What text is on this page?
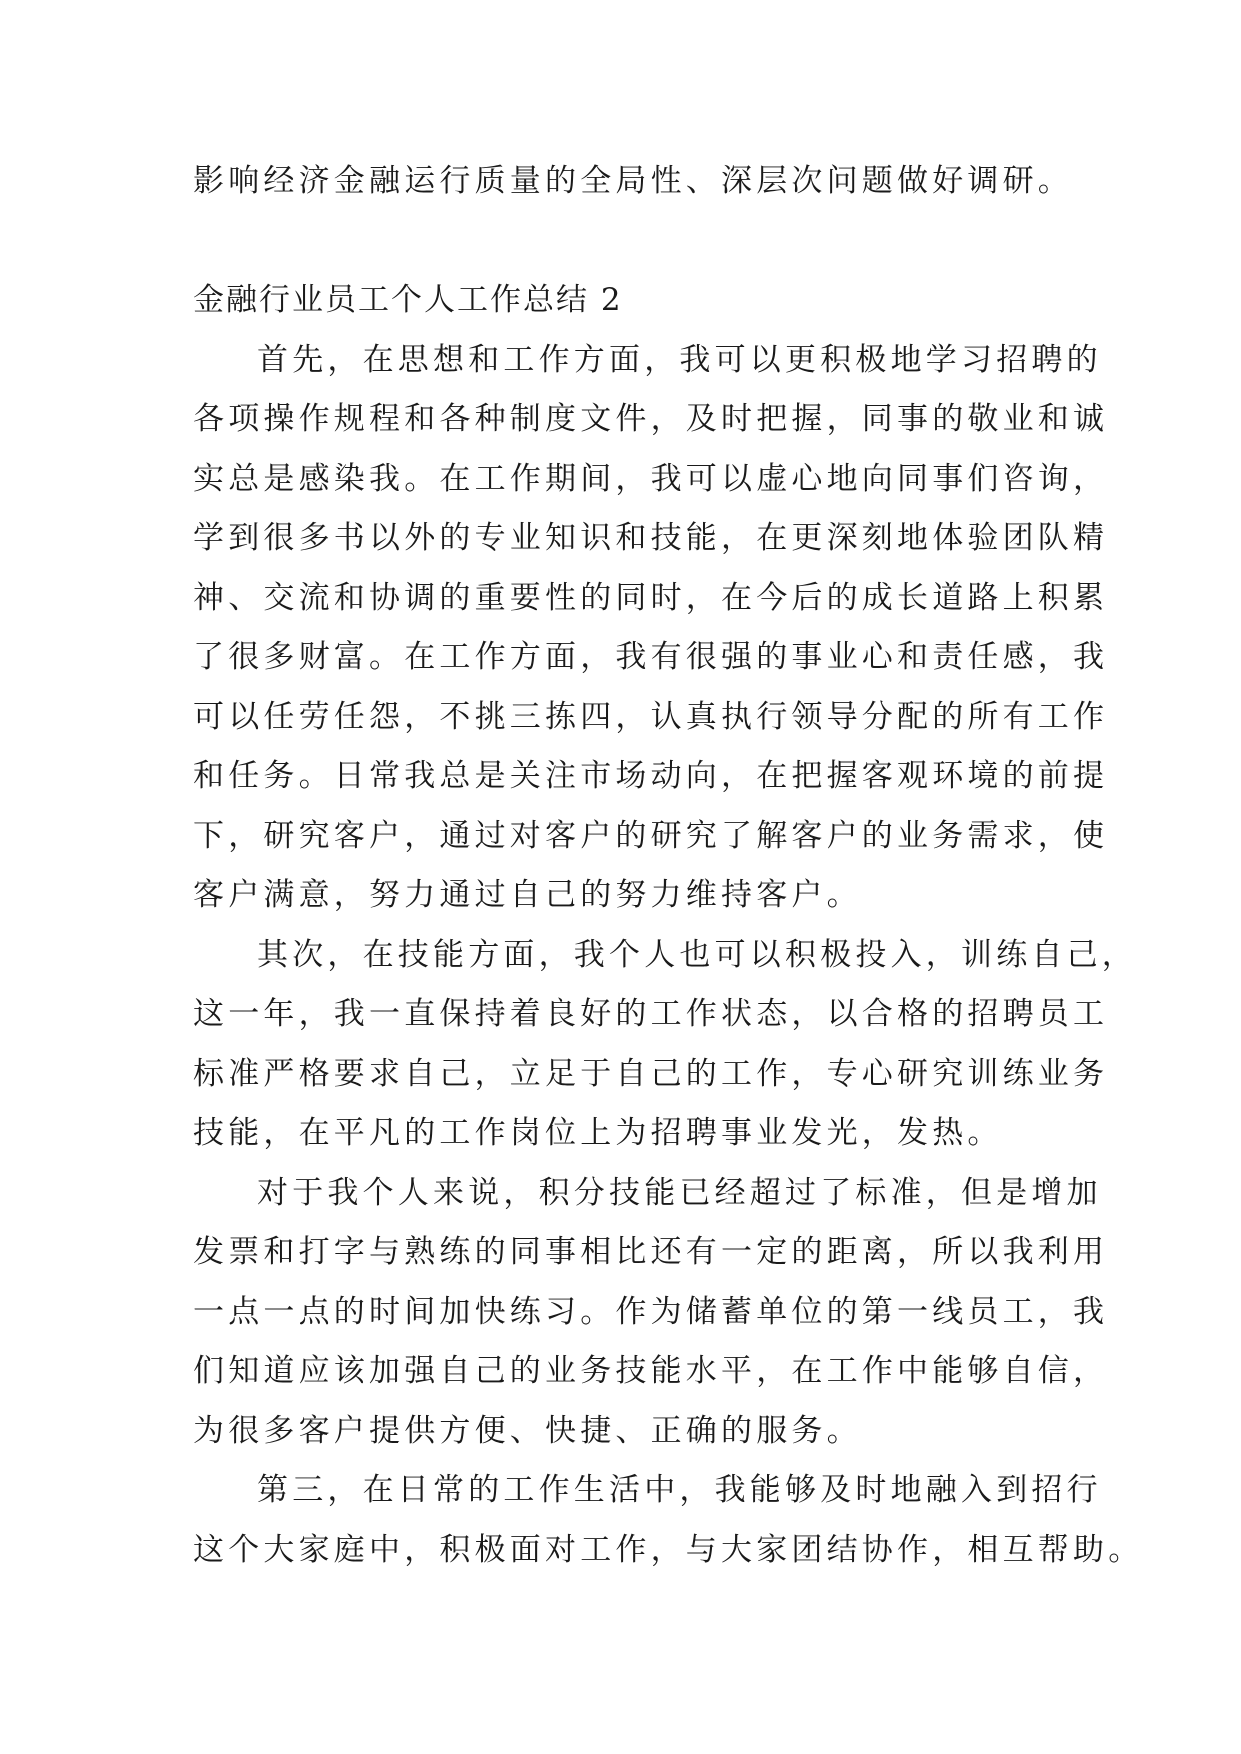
影响经济金融运行质量的全局性、深层次问题做好调研。
金融行业员工个人工作总结 2
首先，在思想和工作方面，我可以更积极地学习招聘的
各项操作规程和各种制度文件，及时把握，同事的敬业和诚
实总是感染我。在工作期间，我可以虚心地向同事们咨询，
学到很多书以外的专业知识和技能，在更深刻地体验团队精
神、交流和协调的重要性的同时，在今后的成长道路上积累
了很多财富。在工作方面，我有很强的事业心和责任感，我
可以任劳任怨，不挑三拣四，认真执行领导分配的所有工作
和任务。日常我总是关注市场动向，在把握客观环境的前提
下，研究客户，通过对客户的研究了解客户的业务需求，使
客户满意，努力通过自己的努力维持客户。
其次，在技能方面，我个人也可以积极投入，训练自己，
这一年，我一直保持着良好的工作状态，以合格的招聘员工
标准严格要求自己，立足于自己的工作，专心研究训练业务
技能，在平凡的工作岗位上为招聘事业发光，发热。
对于我个人来说，积分技能已经超过了标准，但是增加
发票和打字与熟练的同事相比还有一定的距离，所以我利用
一点一点的时间加快练习。作为储蓄单位的第一线员工，我
们知道应该加强自己的业务技能水平，在工作中能够自信，
为很多客户提供方便、快捷、正确的服务。
第三，在日常的工作生活中，我能够及时地融入到招行
这个大家庭中，积极面对工作，与大家团结协作，相互帮助。
